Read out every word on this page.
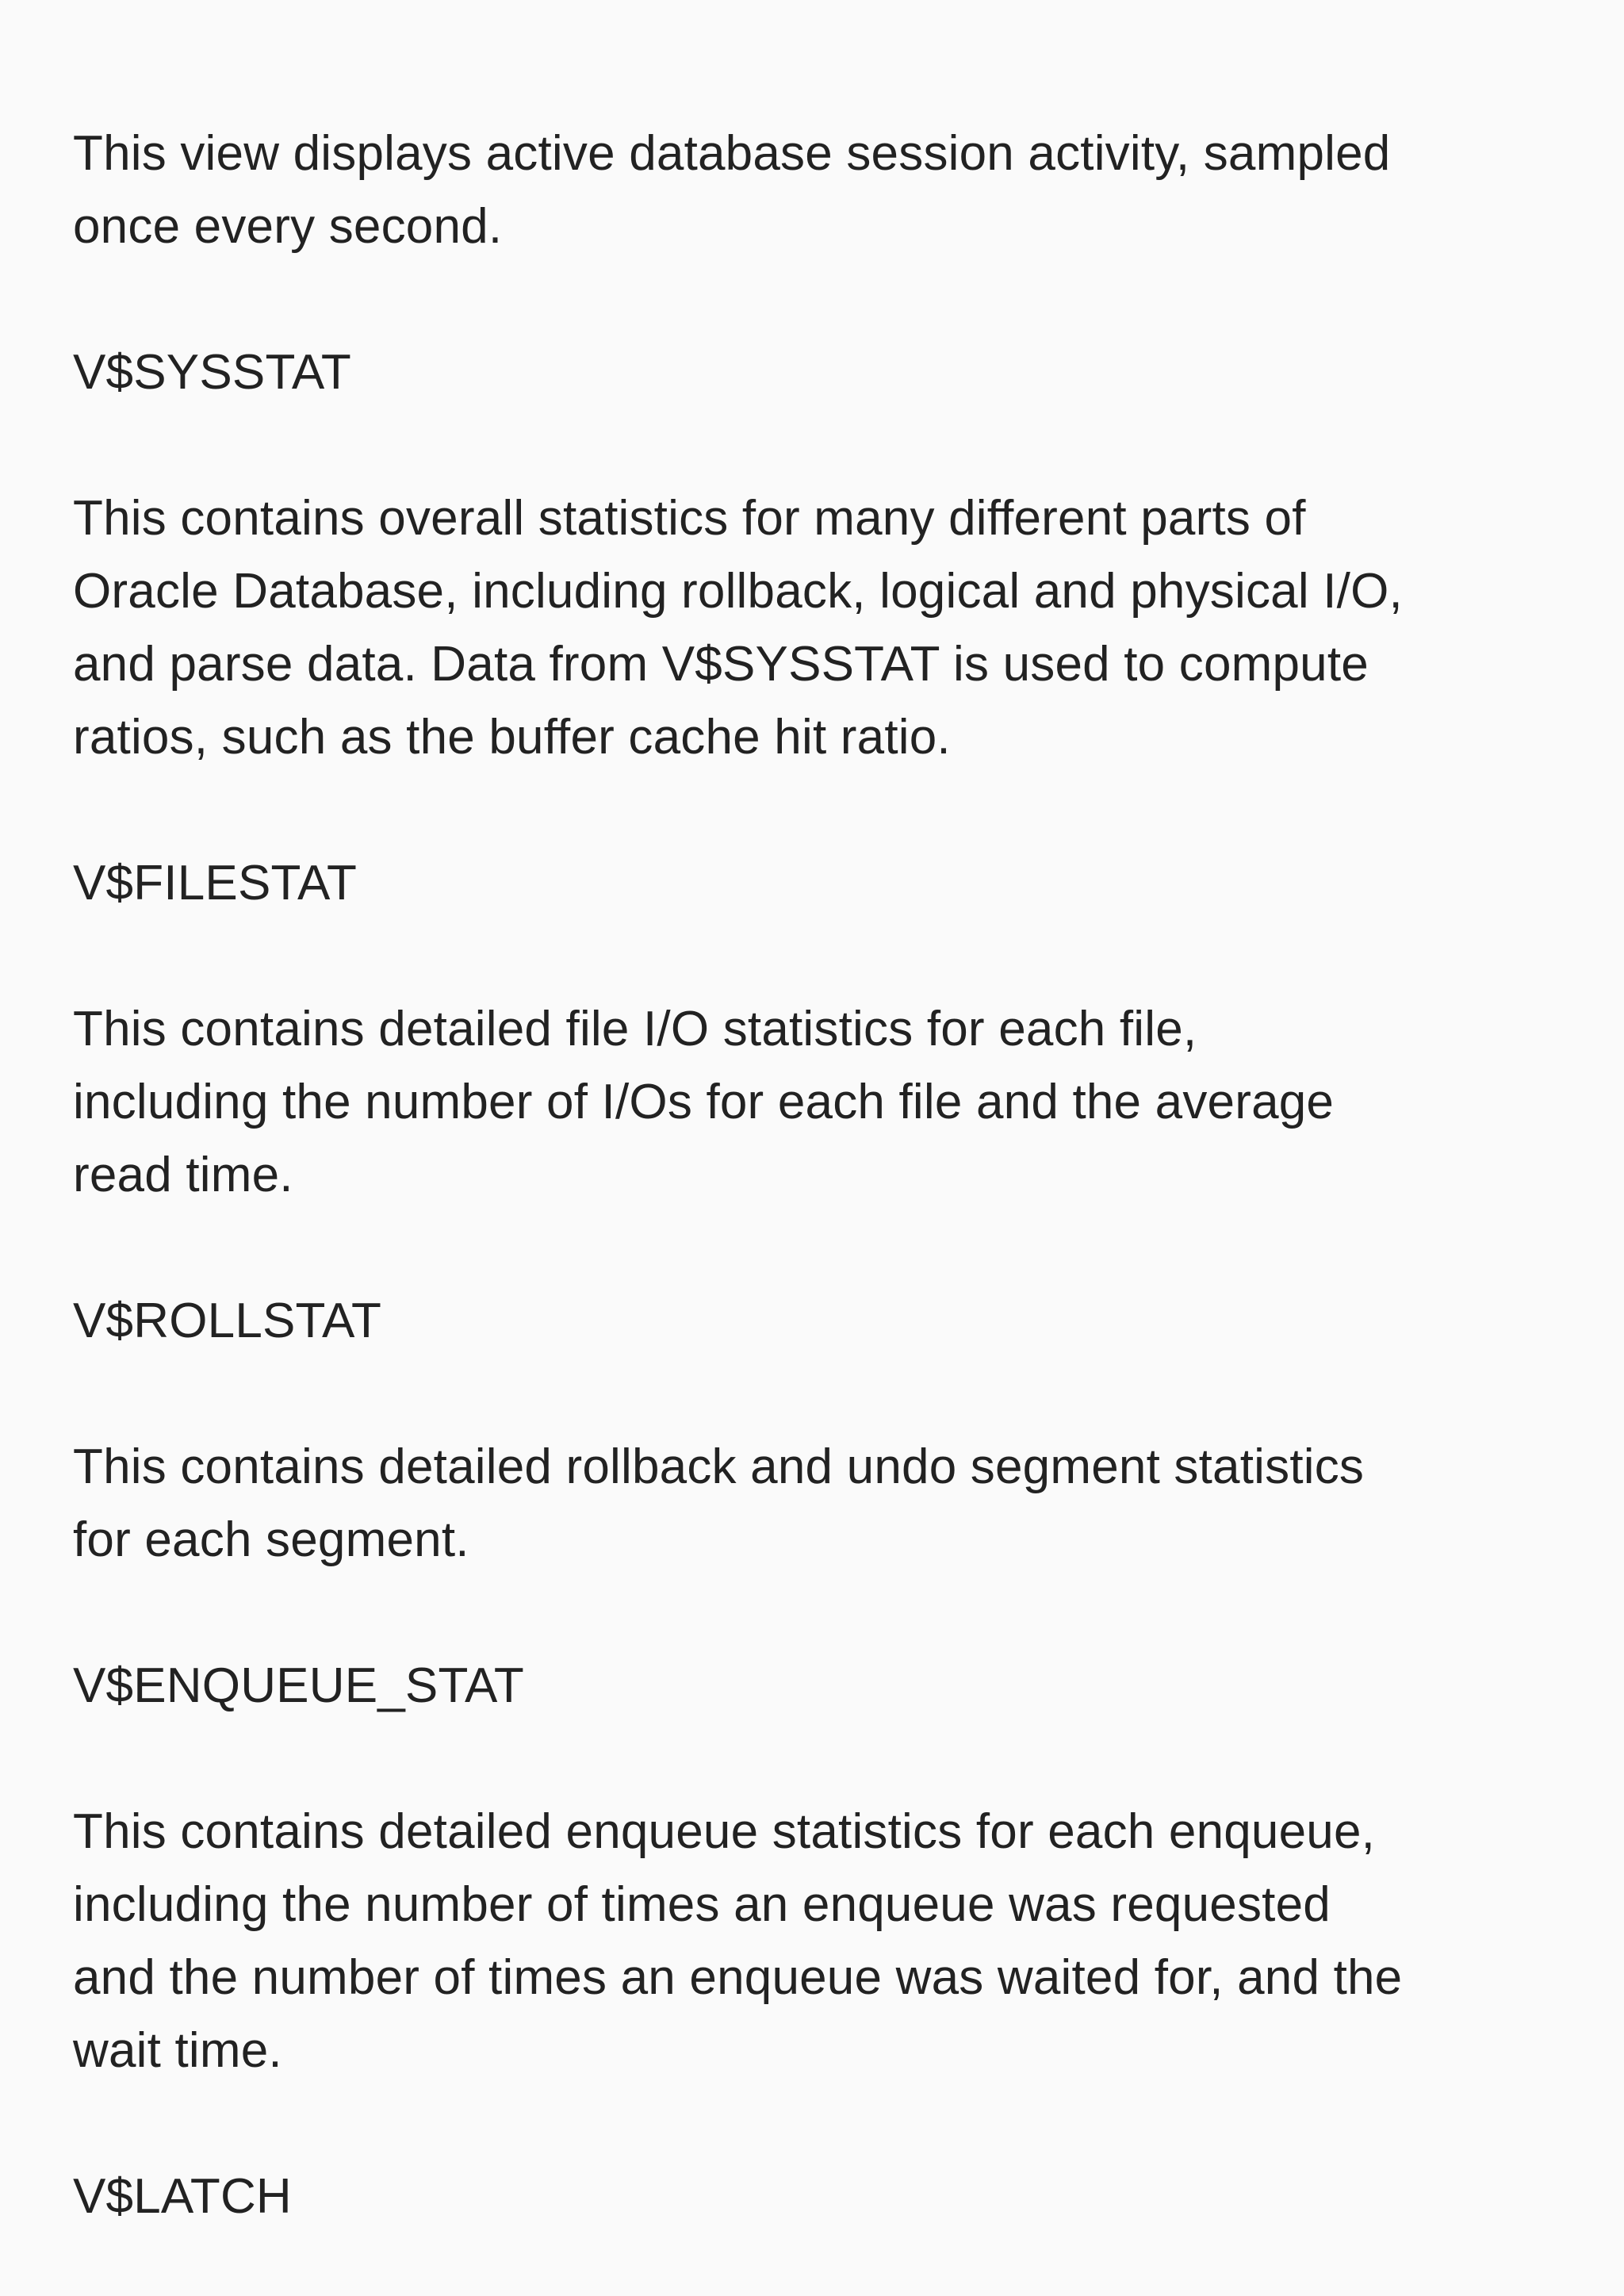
This view displays active database session activity, sampled
once every second.

V$SYSSTAT

This contains overall statistics for many different parts of
Oracle Database, including rollback, logical and physical I/O,
and parse data. Data from V$SYSSTAT is used to compute
ratios, such as the buffer cache hit ratio.

V$FILESTAT

This contains detailed file I/O statistics for each file,
including the number of I/Os for each file and the average
read time.

V$ROLLSTAT

This contains detailed rollback and undo segment statistics
for each segment.

V$ENQUEUE_STAT

This contains detailed enqueue statistics for each enqueue,
including the number of times an enqueue was requested
and the number of times an enqueue was waited for, and the
wait time.

V$LATCH
